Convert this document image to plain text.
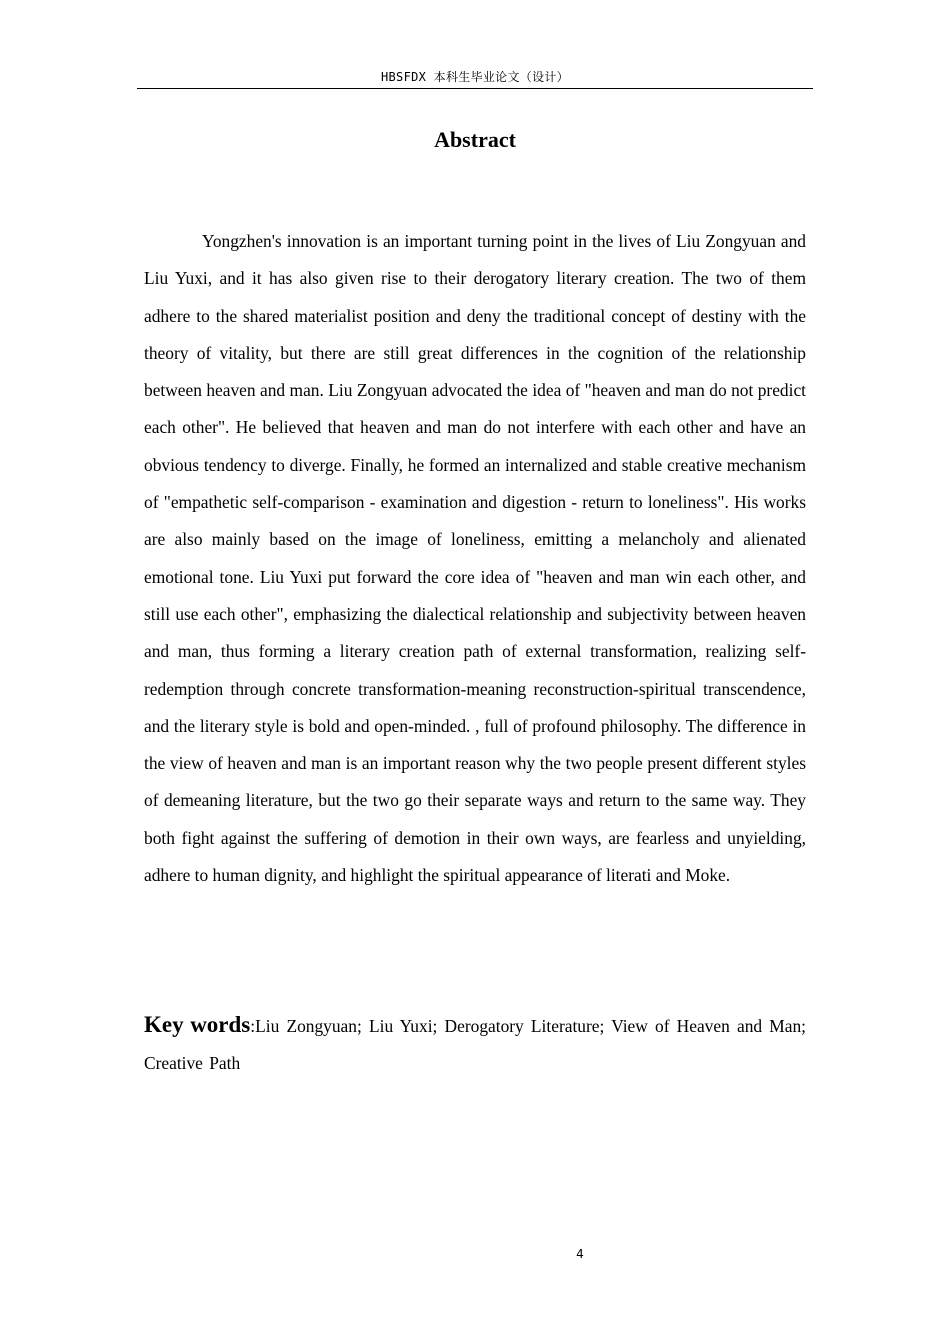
HBSFDX 本科生毕业论文（设计）
Abstract

Yongzhen's innovation is an important turning point in the lives of Liu Zongyuan and Liu Yuxi, and it has also given rise to their derogatory literary creation. The two of them adhere to the shared materialist position and deny the traditional concept of destiny with the theory of vitality, but there are still great differences in the cognition of the relationship between heaven and man. Liu Zongyuan advocated the idea of "heaven and man do not predict each other". He believed that heaven and man do not interfere with each other and have an obvious tendency to diverge. Finally, he formed an internalized and stable creative mechanism of "empathetic self-comparison - examination and digestion - return to loneliness". His works are also mainly based on the image of loneliness, emitting a melancholy and alienated emotional tone. Liu Yuxi put forward the core idea of "heaven and man win each other, and still use each other", emphasizing the dialectical relationship and subjectivity between heaven and man, thus forming a literary creation path of external transformation, realizing self-redemption through concrete transformation-meaning reconstruction-spiritual transcendence, and the literary style is bold and open-minded. , full of profound philosophy. The difference in the view of heaven and man is an important reason why the two people present different styles of demeaning literature, but the two go their separate ways and return to the same way. They both fight against the suffering of demotion in their own ways, are fearless and unyielding, adhere to human dignity, and highlight the spiritual appearance of literati and Moke.

Key words:Liu Zongyuan; Liu Yuxi; Derogatory Literature; View of Heaven and Man; Creative Path

4
